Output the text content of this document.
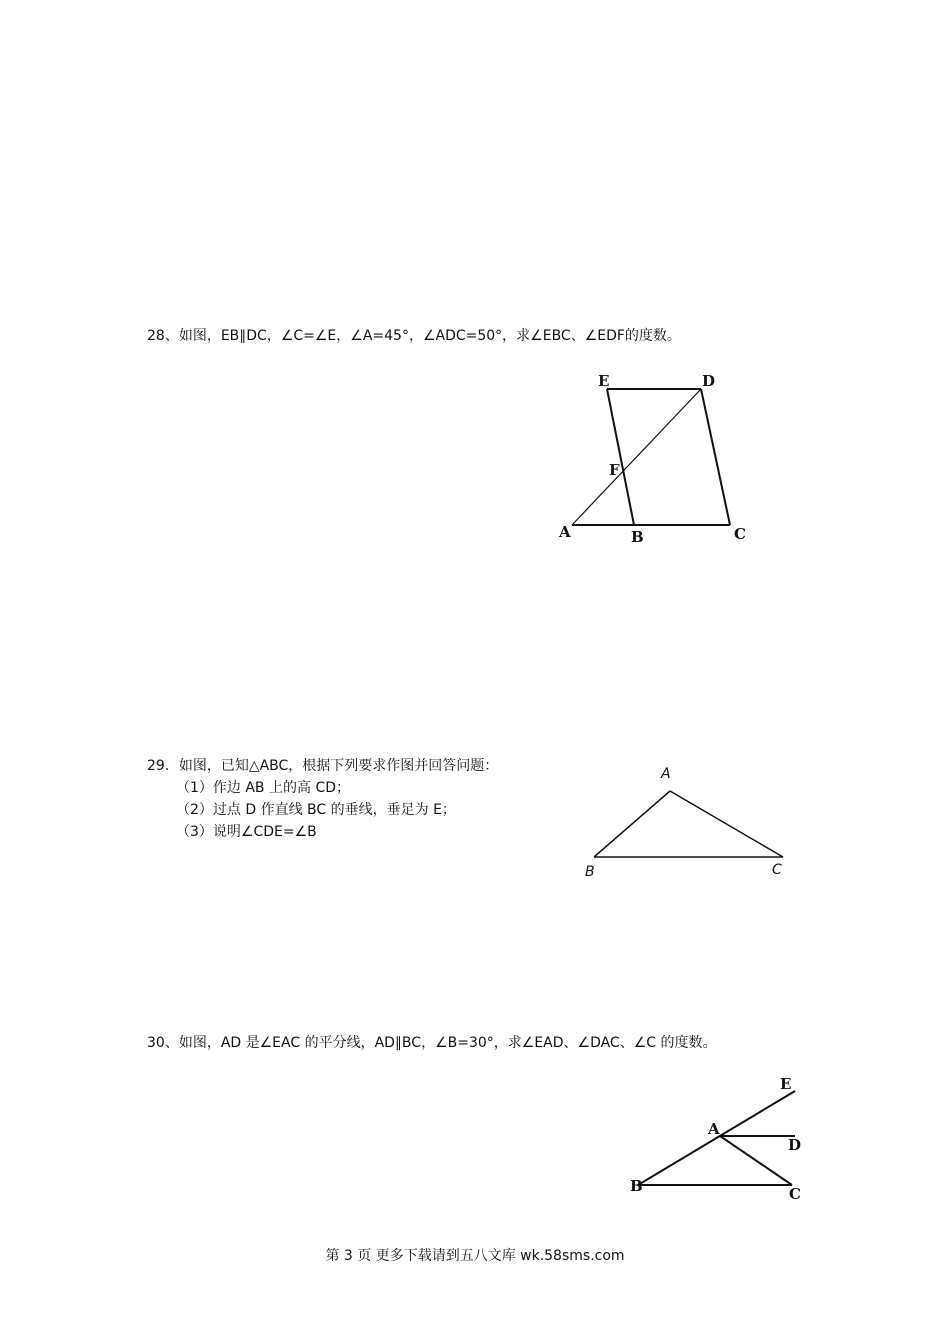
28、如图，EB∥DC，∠C=∠E，∠A=45°，∠ADC=50°，求∠EBC、∠EDF的度数。
E	D
F
A	B	C
29．如图，已知△ABC，根据下列要求作图并回答问题：
（1）作边 AB 上的高 CD；
（2）过点 D 作直线 BC 的垂线，垂足为 E；
（3）说明∠CDE=∠B
A
B	C
30、如图，AD 是∠EAC 的平分线，AD∥BC，∠B=30°，求∠EAD、∠DAC、∠C 的度数。
E
A
D
B	C
第 3 页 更多下载请到五八文库 wk.58sms.com
